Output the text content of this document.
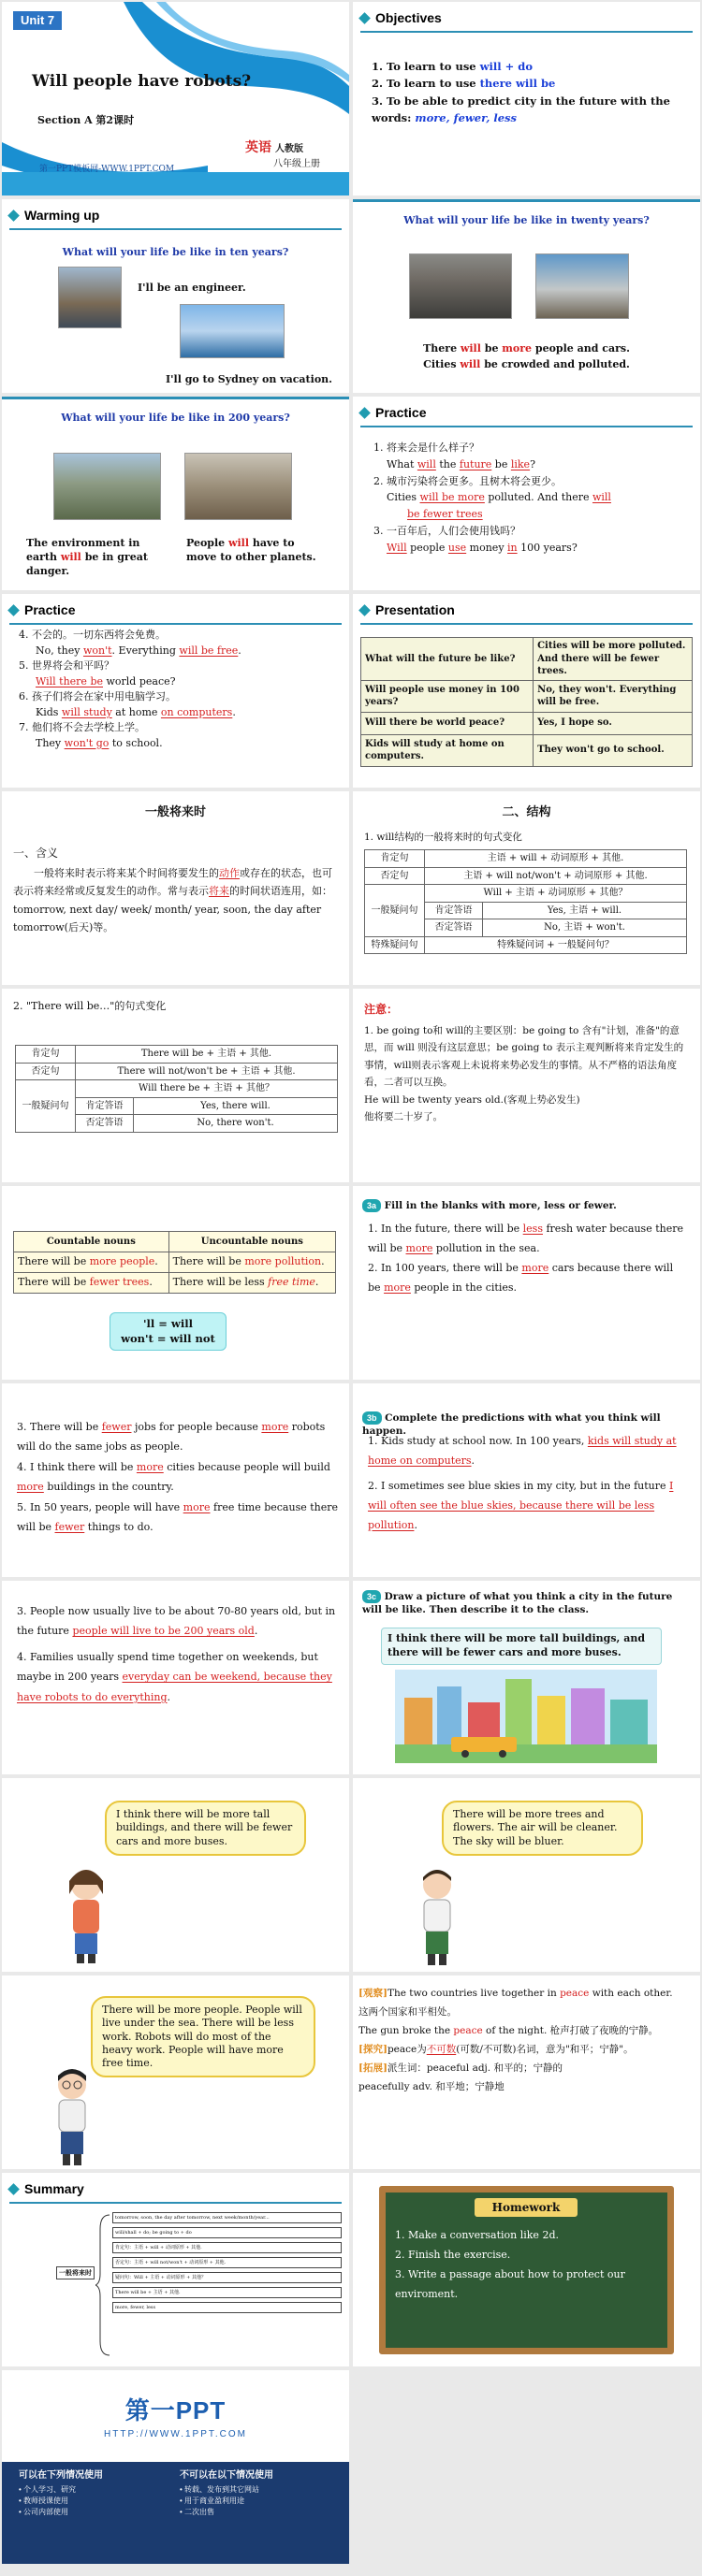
Unit 7
Will people have robots?
Section A 第2课时
英语 人教版
八年级上册
第一PPT模板网-WWW.1PPT.COM
Objectives
1. To learn to use will + do
2. To learn to use there will be
3. To be able to predict city in the future with the words: more, fewer, less
Warming up
What will your life be like in ten years?
I'll be an engineer.
I'll go to Sydney on vacation.
What will your life be like in twenty years?
There will be more people and cars.
Cities will be crowded and polluted.
What will your life be like in 200 years?
The environment in earth will be in great danger.
People will have to move to other planets.
Practice
1. 将来会是什么样子？
What will the future be like?
2. 城市污染将会更多。且树木将会更少。
Cities will be more polluted. And there will
be fewer trees
3. 一百年后，人们会使用钱吗？
Will people use money in 100 years?
Practice
4. 不会的。一切东西将会免费。
No, they won't. Everything will be free.
5. 世界将会和平吗？
Will there be world peace?
6. 孩子们将会在家中用电脑学习。
Kids will study at home on computers.
7. 他们将不会去学校上学。
They won't go to school.
Presentation
What will the future be like?	Cities will be more polluted. And there will be fewer trees.
Will people use money in 100 years?	No, they won't. Everything will be free.
Will there be world peace?	Yes, I hope so.
Kids will study at home on computers.	They won't go to school.
一般将来时
一、含义
一般将来时表示将来某个时间将要发生的动作或存在的状态，也可表示将来经常或反复发生的动作。常与表示将来的时间状语连用，如：tomorrow, next day/ week/ month/ year, soon, the day after tomorrow(后天)等。
二、结构
1. will结构的一般将来时的句式变化
肯定句	主语 + will + 动词原形 + 其他.	
否定句	主语 + will not/won't + 动词原形 + 其他.	
一般疑问句	Will + 主语 + 动词原形 + 其他？	
	肯定答语	Yes, 主语 + will.
	否定答语	No, 主语 + won't.
特殊疑问句	特殊疑问词 + 一般疑问句？	
2. "There will be…"的句式变化
肯定句	There will be + 主语 + 其他.	
否定句	There will not/won't be + 主语 + 其他.	
一般疑问句	Will there be + 主语 + 其他？	
	肯定答语	Yes, there will.
	否定答语	No, there won't.
注意：
1. be going to和 will的主要区别：be going to 含有"计划，准备"的意思，而 will 则没有这层意思；be going to 表示主观判断将来肯定发生的事情，will则表示客观上未说将来势必发生的事情。从不严格的语法角度看，二者可以互换。
He will be twenty years old.(客观上势必发生)
他将要二十岁了。
Countable nouns	Uncountable nouns
There will be more people.	There will be more pollution.
There will be fewer trees.	There will be less free time.
'll = will
won't = will not
3a Fill in the blanks with more, less or fewer.
1. In the future, there will be less fresh water because there will be more pollution in the sea.
2. In 100 years, there will be more cars because there will be more people in the cities.
3. There will be fewer jobs for people because more robots will do the same jobs as people.
4. I think there will be more cities because people will build more buildings in the country.
5. In 50 years, people will have more free time because there will be fewer things to do.
3b Complete the predictions with what you think will happen.
1. Kids study at school now. In 100 years, kids will study at home on computers.
2. I sometimes see blue skies in my city, but in the future I will often see the blue skies, because there will be less pollution.
3. People now usually live to be about 70-80 years old, but in the future people will live to be 200 years old.
4. Families usually spend time together on weekends, but maybe in 200 years everyday can be weekend, because they have robots to do everything.
3c Draw a picture of what you think a city in the future will be like. Then describe it to the class.
I think there will be more tall buildings, and there will be fewer cars and more buses.
I think there will be more tall buildings, and there will be fewer cars and more buses.
There will be more trees and flowers. The air will be cleaner. The sky will be bluer.
There will be more people. People will live under the sea. There will be less work. Robots will do most of the heavy work. People will have more free time.
[观察]The two countries live together in peace with each other.
这两个国家和平相处。
The gun broke the peace of the night. 枪声打破了夜晚的宁静。
[探究]peace为不可数(可数/不可数)名词，意为"和平；宁静"。
[拓展]派生词：peaceful adj. 和平的；宁静的
peacefully adv. 和平地；宁静地
Summary
一般将来时
tomorrow, soon, the day after tomorrow, next week/month/year...
will/shall + do; be going to + do
肯定句：主语 + will + 动词原形 + 其他.
否定句：主语 + will not/won't + 动词原形 + 其他.
疑问句：Will + 主语 + 动词原形 + 其他？
There will be + 主语 + 其他.
more, fewer, less
Homework
1. Make a conversation like 2d.
2. Finish the exercise.
3. Write a passage about how to protect our enviroment.
第一PPT
HTTP://WWW.1PPT.COM
可以在下列情况使用
• 个人学习、研究
• 教师授课使用
• 公司内部使用
不可以在以下情况使用
• 转载、发布到其它网站
• 用于商业盈利用途
• 二次出售
